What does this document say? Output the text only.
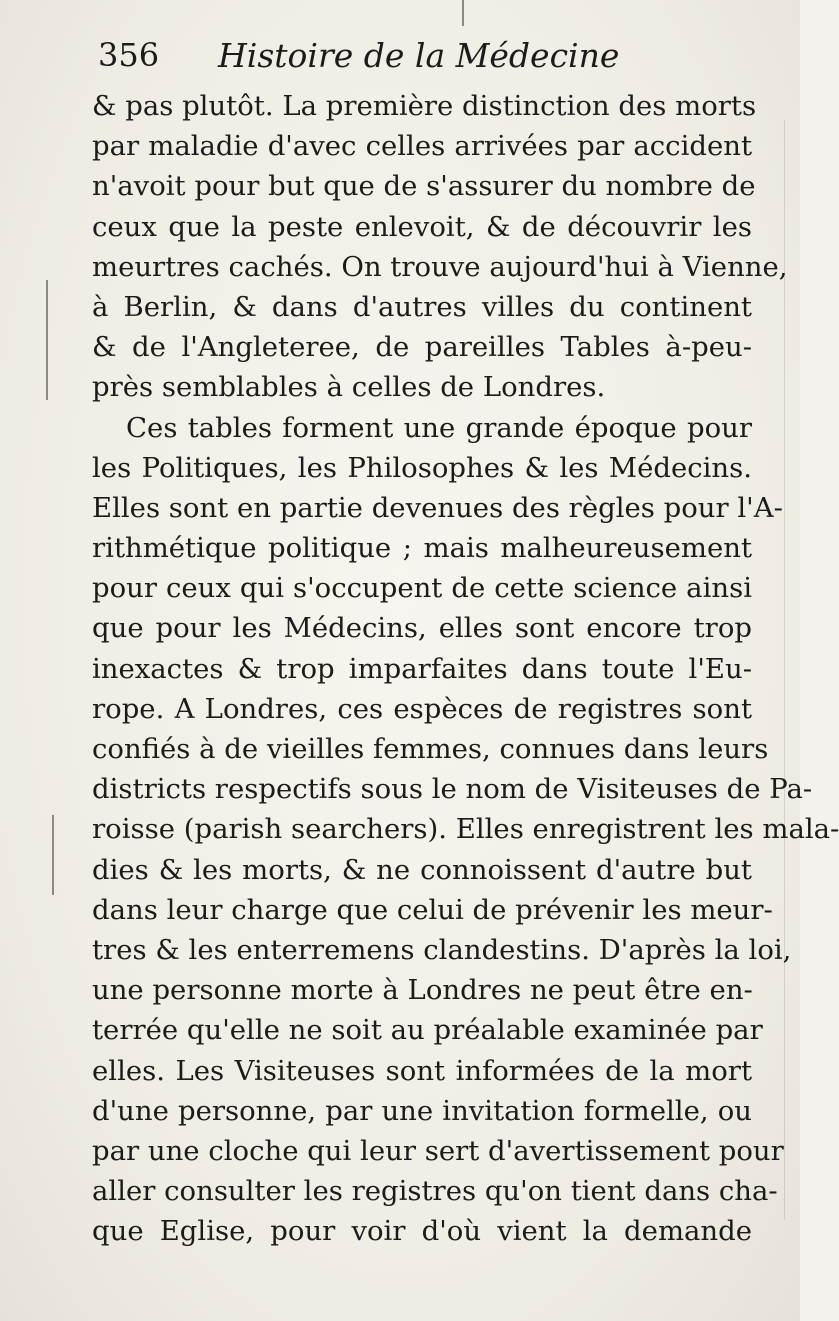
356 Histoire de la Médecine
& pas plutôt. La première distinction des morts
par maladie d'avec celles arrivées par accident
n'avoit pour but que de s'assurer du nombre de
ceux que la peste enlevoit, & de découvrir les
meurtres cachés. On trouve aujourd'hui à Vienne,
à Berlin, & dans d'autres villes du continent
& de l'Angleteree, de pareilles Tables à-peu-
près semblables à celles de Londres.
Ces tables forment une grande époque pour
les Politiques, les Philosophes & les Médecins.
Elles sont en partie devenues des règles pour l'A-
rithmétique politique ; mais malheureusement
pour ceux qui s'occupent de cette science ainsi
que pour les Médecins, elles sont encore trop
inexactes & trop imparfaites dans toute l'Eu-
rope. A Londres, ces espèces de registres sont
confiés à de vieilles femmes, connues dans leurs
districts respectifs sous le nom de Visiteuses de Pa-
roisse (parish searchers). Elles enregistrent les mala-
dies & les morts, & ne connoissent d'autre but
dans leur charge que celui de prévenir les meur-
tres & les enterremens clandestins. D'après la loi,
une personne morte à Londres ne peut être en-
terrée qu'elle ne soit au préalable examinée par
elles. Les Visiteuses sont informées de la mort
d'une personne, par une invitation formelle, ou
par une cloche qui leur sert d'avertissement pour
aller consulter les registres qu'on tient dans cha-
que Eglise, pour voir d'où vient la demande
